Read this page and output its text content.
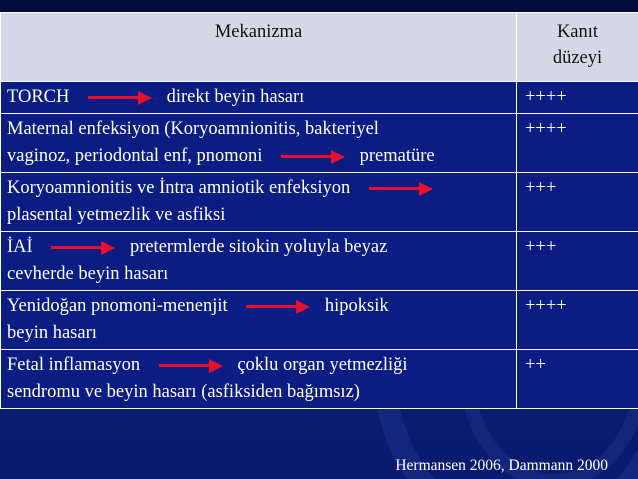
Mekanizma	Kanıt
düzeyi
TORCH direkt beyin hasarı	++++
Maternal enfeksiyon (Koryoamnionitis, bakteriyel
vaginoz, periodontal enf, pnomoni prematüre	++++
Koryoamnionitis ve İntra amniotik enfeksiyon

plasental yetmezlik ve asfiksi	+++
İAİ pretermlerde sitokin yoluyla beyaz
cevherde beyin hasarı	+++
Yenidoğan pnomoni-menenjit hipoksik
beyin hasarı	++++
Fetal inflamasyon çoklu organ yetmezliği
sendromu ve beyin hasarı (asfiksiden bağımsız)	++
Hermansen 2006, Dammann 2000
